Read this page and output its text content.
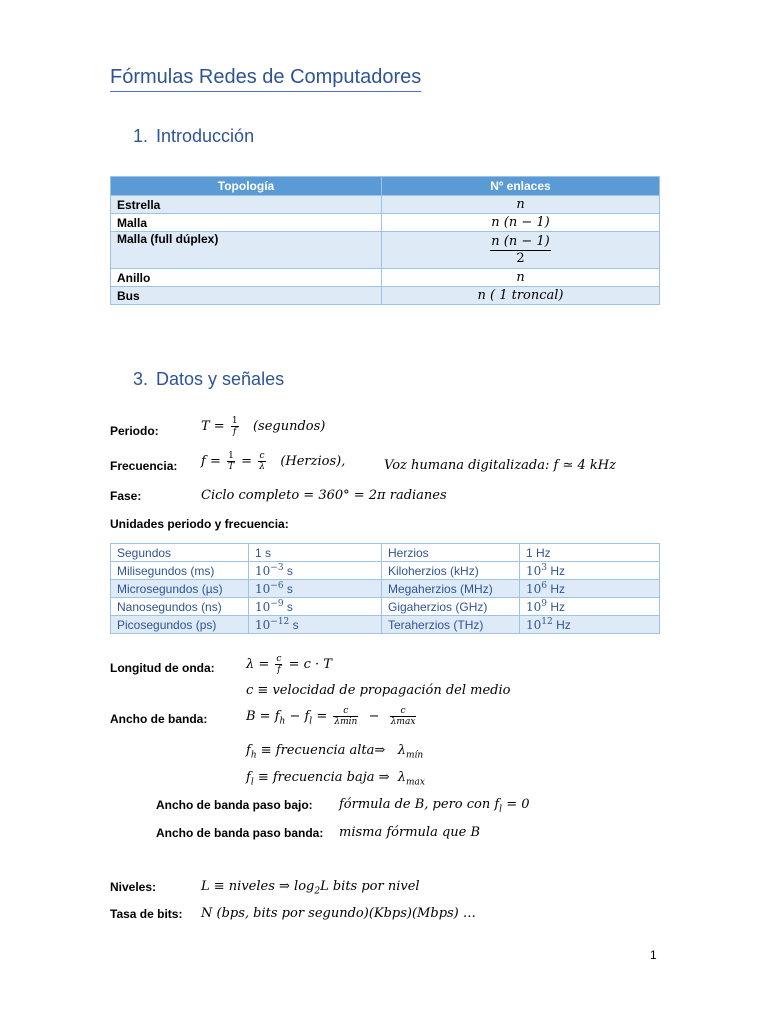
Fórmulas Redes de Computadores
1. Introducción
Topología	Nº enlaces
Estrella	n
Malla	n (n − 1)
Malla (full dúplex)	$\frac{n (n - 1)}{2}$

Anillo	n
Bus	n ( 1 troncal)
3. Datos y señales
Periodo:	$T = \frac{1}{f}$ (segundos)
Frecuencia: $f = \frac{1}{T} = \frac{c}{\lambda}$ (Herzios),	Voz humana digitalizada: f ≃ 4 kHz
Fase:	Ciclo completo = 360° = 2π radianes
Unidades periodo y frecuencia:
Segundos	1 s	Herzios	1 Hz
Milisegundos (ms)	$10^{-3}$ s	Kiloherzios (kHz)	$10^3$ Hz
Microsegundos (µs)	$10^{-6}$ s	Megaherzios (MHz)	$10^6$ Hz
Nanosegundos (ns)	$10^{-9}$ s	Gigaherzios (GHz)	$10^9$ Hz
Picosegundos (ps)	$10^{-12}$ s	Teraherzios (THz)	$10^{12}$ Hz
Longitud de onda: $\lambda = \frac{c}{f} = c \cdot T$
c ≡ velocidad de propagación del medio
Ancho de banda:	$B = f_h - f_l = \frac{c}{\lambda\min} - \frac{c}{\lambda\max}$
$f_h$ ≡ frecuencia alta⇒ $\lambda_{mín}$
$f_l$ ≡ frecuencia baja ⇒ $\lambda_{max}$
Ancho de banda paso bajo: fórmula de B, pero con $f_l = 0$
Ancho de banda paso banda: misma fórmula que B
Niveles:	L ≡ niveles ⇒ $\log_2L$ bits por nivel
Tasa de bits: N (bps, bits por segundo)(Kbps)(Mbps) …
1
